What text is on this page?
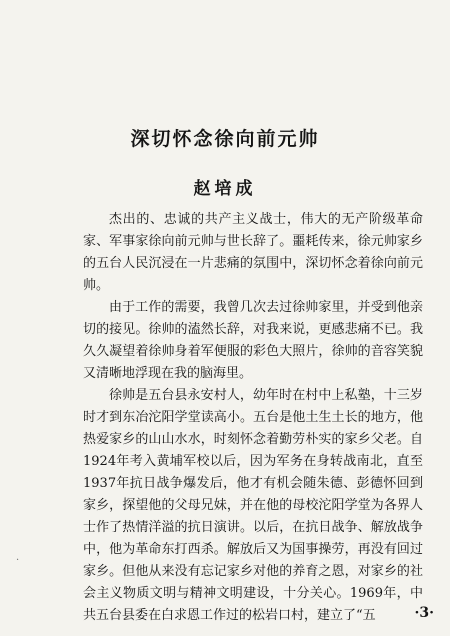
深切怀念徐向前元帅
赵培成

杰出的、忠诚的共产主义战士，伟大的无产阶级革命家、军事家徐向前元帅与世长辞了。噩耗传来，徐元帅家乡的五台人民沉浸在一片悲痛的氛围中，深切怀念着徐向前元帅。

由于工作的需要，我曾几次去过徐帅家里，并受到他亲切的接见。徐帅的溘然长辞，对我来说，更感悲痛不已。我久久凝望着徐帅身着军便服的彩色大照片，徐帅的音容笑貌又清晰地浮现在我的脑海里。

徐帅是五台县永安村人，幼年时在村中上私塾，十三岁时才到东冶沱阳学堂读高小。五台是他土生土长的地方，他热爱家乡的山山水水，时刻怀念着勤劳朴实的家乡父老。自1924年考入黄埔军校以后，因为军务在身转战南北，直至1937年抗日战争爆发后，他才有机会随朱德、彭德怀回到家乡，探望他的父母兄妹，并在他的母校沱阳学堂为各界人士作了热情洋溢的抗日演讲。以后，在抗日战争、解放战争中，他为革命东打西杀。解放后又为国事操劳，再没有回过家乡。但他从来没有忘记家乡对他的养育之恩，对家乡的社会主义物质文明与精神文明建设，十分关心。1969年，中共五台县委在白求恩工作过的松岩口村，建立了“五

·
·3·
